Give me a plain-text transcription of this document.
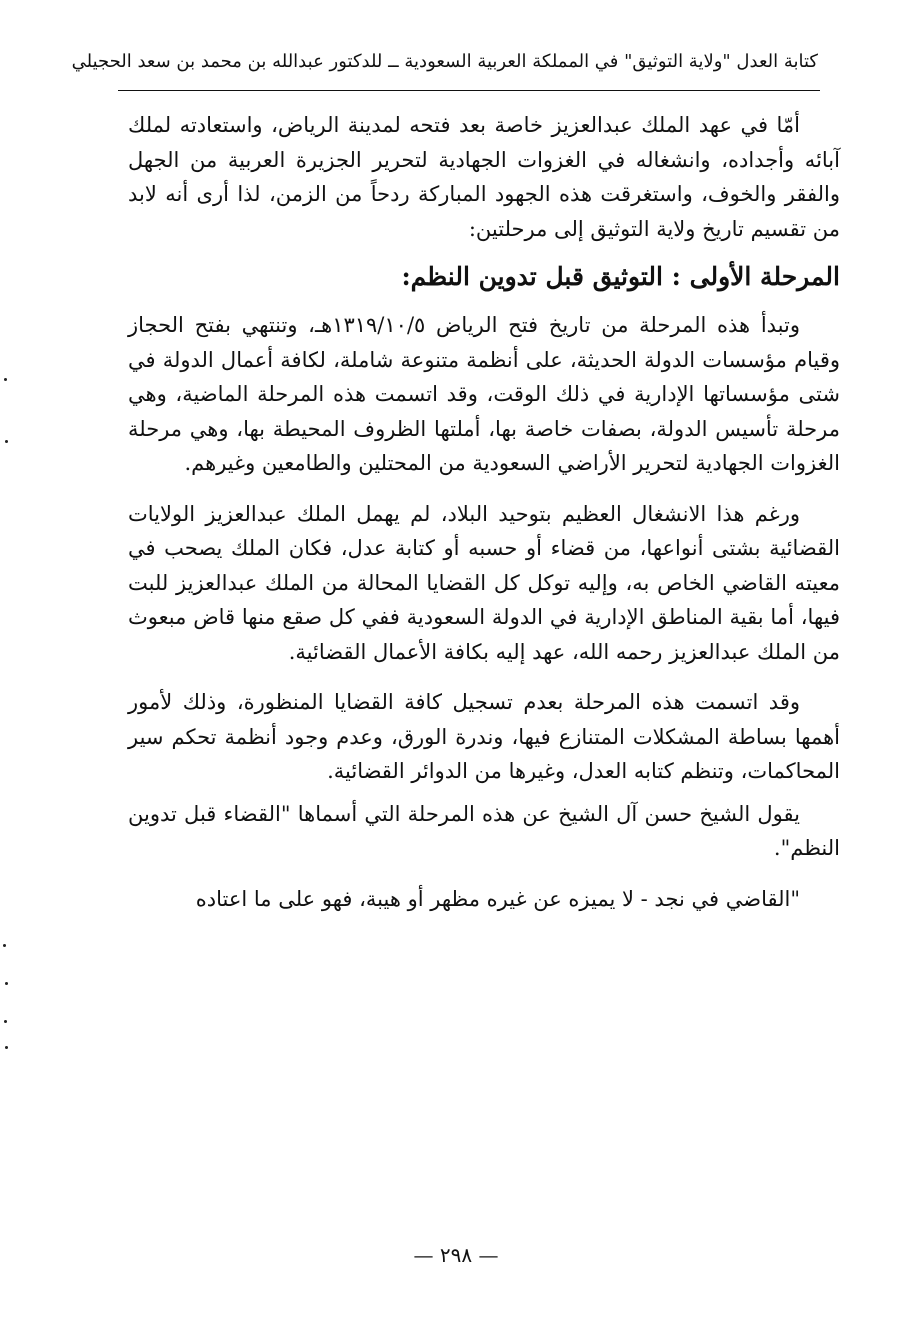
كتابة العدل "ولاية التوثيق" في المملكة العربية السعودية ــ للدكتور عبدالله بن محمد بن سعد الحجيلي

أمّا في عهد الملك عبدالعزيز خاصة بعد فتحه لمدينة الرياض، واستعادته لملك آبائه وأجداده، وانشغاله في الغزوات الجهادية لتحرير الجزيرة العربية من الجهل والفقر والخوف، واستغرقت هذه الجهود المباركة ردحاً من الزمن، لذا أرى أنه لابد من تقسيم تاريخ ولاية التوثيق إلى مرحلتين:

المرحلة الأولى : التوثيق قبل تدوين النظم:

وتبدأ هذه المرحلة من تاريخ فتح الرياض ١٣١٩/١٠/٥هـ، وتنتهي بفتح الحجاز وقيام مؤسسات الدولة الحديثة، على أنظمة متنوعة شاملة، لكافة أعمال الدولة في شتى مؤسساتها الإدارية في ذلك الوقت، وقد اتسمت هذه المرحلة الماضية، وهي مرحلة تأسيس الدولة، بصفات خاصة بها، أملتها الظروف المحيطة بها، وهي مرحلة الغزوات الجهادية لتحرير الأراضي السعودية من المحتلين والطامعين وغيرهم.

ورغم هذا الانشغال العظيم بتوحيد البلاد، لم يهمل الملك عبدالعزيز الولايات القضائية بشتى أنواعها، من قضاء أو حسبه أو كتابة عدل، فكان الملك يصحب في معيته القاضي الخاص به، وإليه توكل كل القضايا المحالة من الملك عبدالعزيز للبت فيها، أما بقية المناطق الإدارية في الدولة السعودية ففي كل صقع منها قاض مبعوث من الملك عبدالعزيز رحمه الله، عهد إليه بكافة الأعمال القضائية.

وقد اتسمت هذه المرحلة بعدم تسجيل كافة القضايا المنظورة، وذلك لأمور أهمها بساطة المشكلات المتنازع فيها، وندرة الورق، وعدم وجود أنظمة تحكم سير المحاكمات، وتنظم كتابه العدل، وغيرها من الدوائر القضائية.

يقول الشيخ حسن آل الشيخ عن هذه المرحلة التي أسماها "القضاء قبل تدوين النظم".

"القاضي في نجد - لا يميزه عن غيره مظهر أو هيبة، فهو على ما اعتاده

— ٢٩٨ —
